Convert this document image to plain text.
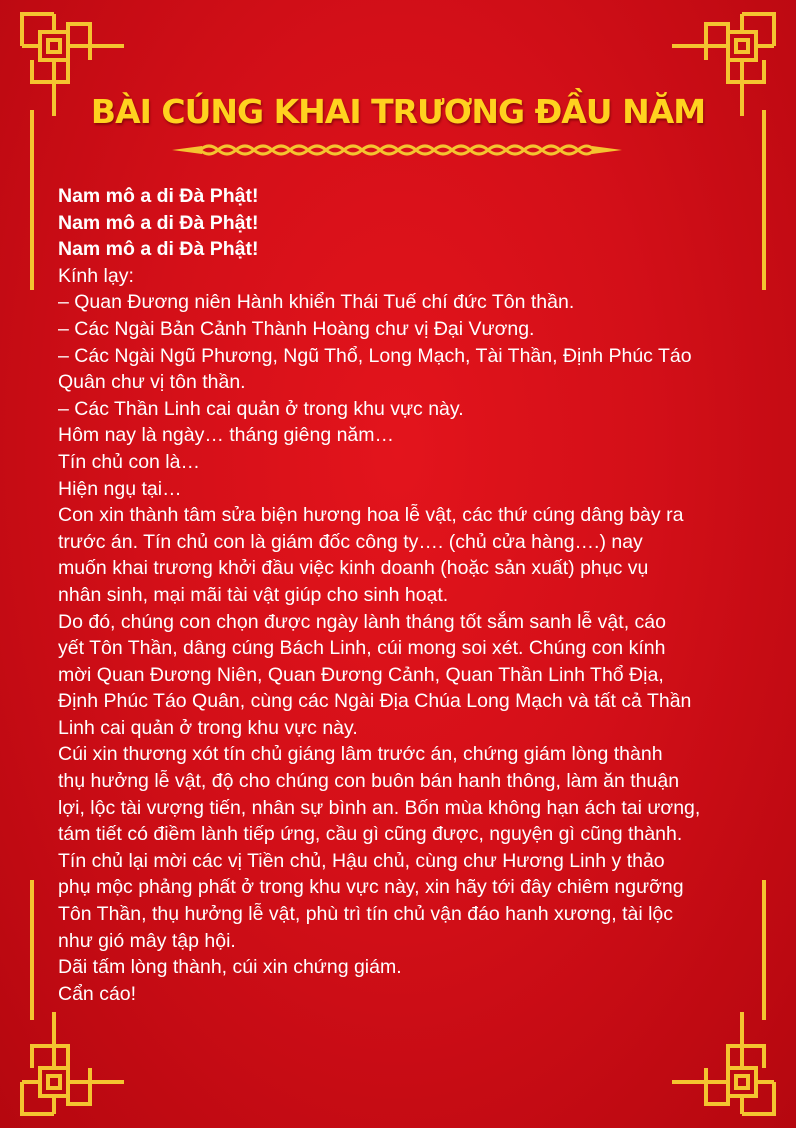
BÀI CÚNG KHAI TRƯƠNG ĐẦU NĂM

Nam mô a di Đà Phật!

Nam mô a di Đà Phật!

Nam mô a di Đà Phật!

Kính lạy:

– Quan Đương niên Hành khiển Thái Tuế chí đức Tôn thần.

– Các Ngài Bản Cảnh Thành Hoàng chư vị Đại Vương.

– Các Ngài Ngũ Phương, Ngũ Thổ, Long Mạch, Tài Thần, Định Phúc Táo

Quân chư vị tôn thần.

– Các Thần Linh cai quản ở trong khu vực này.

Hôm nay là ngày… tháng giêng năm…

Tín chủ con là…

Hiện ngụ tại…

Con xin thành tâm sửa biện hương hoa lễ vật, các thứ cúng dâng bày ra

trước án. Tín chủ con là giám đốc công ty…. (chủ cửa hàng….) nay

muốn khai trương khởi đầu việc kinh doanh (hoặc sản xuất) phục vụ

nhân sinh, mại mãi tài vật giúp cho sinh hoạt.

Do đó, chúng con chọn được ngày lành tháng tốt sắm sanh lễ vật, cáo

yết Tôn Thần, dâng cúng Bách Linh, cúi mong soi xét. Chúng con kính

mời Quan Đương Niên, Quan Đương Cảnh, Quan Thần Linh Thổ Địa,

Định Phúc Táo Quân, cùng các Ngài Địa Chúa Long Mạch và tất cả Thần

Linh cai quản ở trong khu vực này.

Cúi xin thương xót tín chủ giáng lâm trước án, chứng giám lòng thành

thụ hưởng lễ vật, độ cho chúng con buôn bán hanh thông, làm ăn thuận

lợi, lộc tài vượng tiến, nhân sự bình an. Bốn mùa không hạn ách tai ương,

tám tiết có điềm lành tiếp ứng, cầu gì cũng được, nguyện gì cũng thành.

Tín chủ lại mời các vị Tiền chủ, Hậu chủ, cùng chư Hương Linh y thảo

phụ mộc phảng phất ở trong khu vực này, xin hãy tới đây chiêm ngưỡng

Tôn Thần, thụ hưởng lễ vật, phù trì tín chủ vận đáo hanh xương, tài lộc

như gió mây tập hội.

Dãi tấm lòng thành, cúi xin chứng giám.

Cẩn cáo!
